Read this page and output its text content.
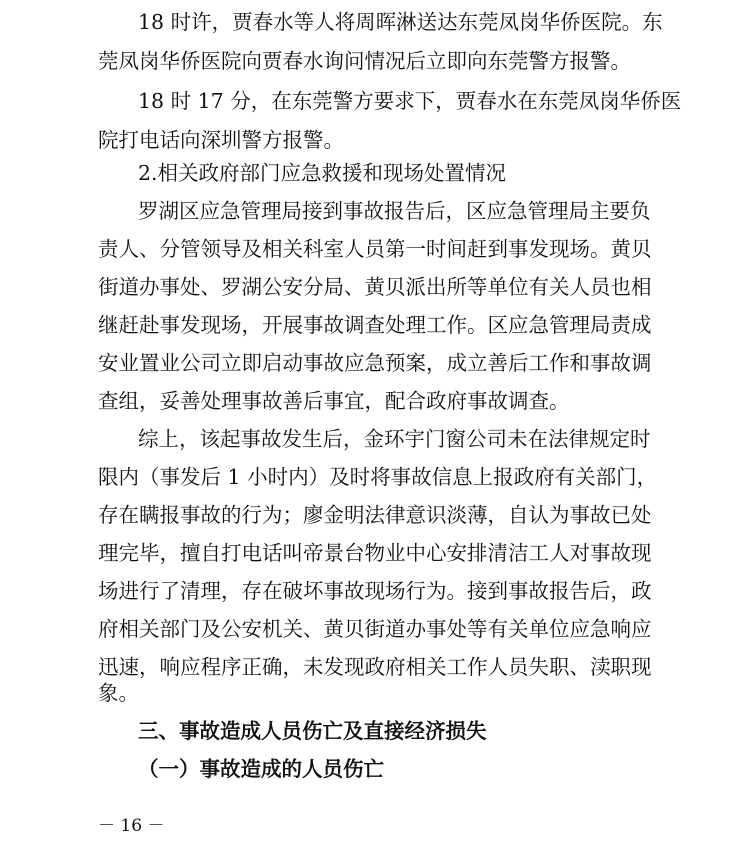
18 时许，贾春水等人将周晖淋送达东莞凤岗华侨医院。东
莞凤岗华侨医院向贾春水询问情况后立即向东莞警方报警。
18 时 17 分，在东莞警方要求下，贾春水在东莞凤岗华侨医
院打电话向深圳警方报警。
2.相关政府部门应急救援和现场处置情况
罗湖区应急管理局接到事故报告后，区应急管理局主要负
责人、分管领导及相关科室人员第一时间赶到事发现场。黄贝
街道办事处、罗湖公安分局、黄贝派出所等单位有关人员也相
继赶赴事发现场，开展事故调查处理工作。区应急管理局责成
安业置业公司立即启动事故应急预案，成立善后工作和事故调
查组，妥善处理事故善后事宜，配合政府事故调查。
综上，该起事故发生后，金环宇门窗公司未在法律规定时
限内（事发后 1 小时内）及时将事故信息上报政府有关部门，
存在瞒报事故的行为；廖金明法律意识淡薄，自认为事故已处
理完毕，擅自打电话叫帝景台物业中心安排清洁工人对事故现
场进行了清理，存在破坏事故现场行为。接到事故报告后，政
府相关部门及公安机关、黄贝街道办事处等有关单位应急响应
迅速，响应程序正确，未发现政府相关工作人员失职、渎职现
象。
三、事故造成人员伤亡及直接经济损失
（一）事故造成的人员伤亡
－ 16 －
